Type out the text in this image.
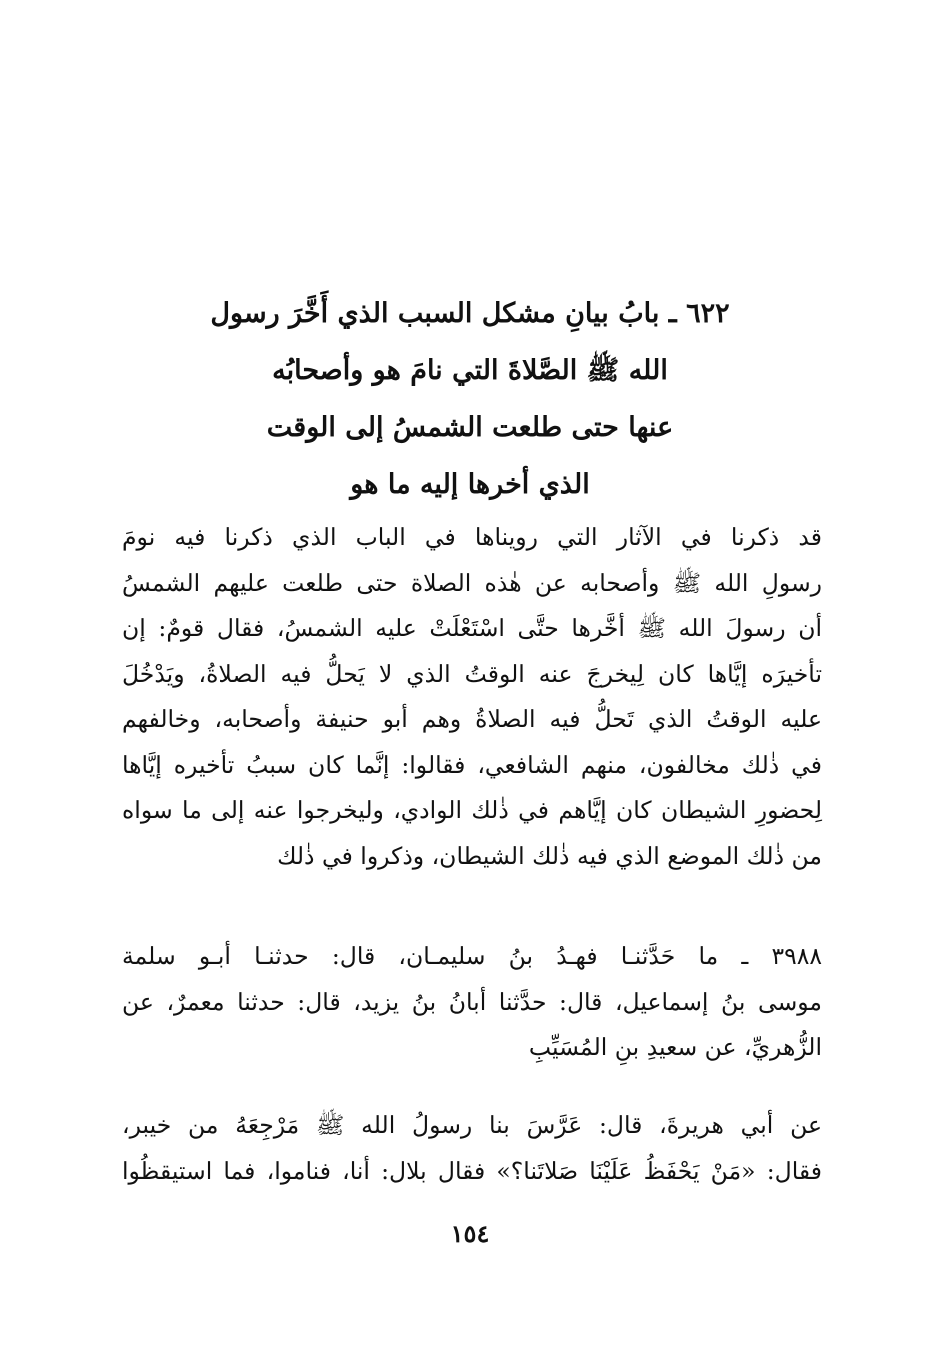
٦٢٢ ـ بابُ بيانِ مشكل السبب الذي أَخَّرَ رسول
الله ﷺ الصَّلاةَ التي نامَ هو وأصحابُه
عنها حتى طلعت الشمسُ إلى الوقت
الذي أخرها إليه ما هو
قد ذكرنا في الآثار التي رويناها في الباب الذي ذكرنا فيه نومَ
رسولِ الله ﷺ وأصحابه عن هٰذه الصلاة حتى طلعت عليهم الشمسُ
أن رسولَ الله ﷺ أخَّرها حتَّى اسْتَعْلَتْ عليه الشمسُ، فقال قومٌ: إن
تأخيرَه إيَّاها كان لِيخرجَ عنه الوقتُ الذي لا يَحلُّ فيه الصلاةُ، ويَدْخُلَ
عليه الوقتُ الذي تَحلُّ فيه الصلاةُ وهم أبو حنيفة وأصحابه، وخالفهم
في ذٰلك مخالفون، منهم الشافعي، فقالوا: إنَّما كان سببُ تأخيره إيَّاها
لِحضورِ الشيطان كان إيَّاهم في ذٰلك الوادي، وليخرجوا عنه إلى ما سواه
من ذٰلك الموضع الذي فيه ذٰلك الشيطان، وذكروا في ذٰلك
٣٩٨٨ ـ ما حَدَّثنـا فهـدُ بنُ سليمـان، قال: حدثنـا أبـو سلمة
موسى بنُ إسماعيل، قال: حدَّثنا أبانُ بنُ يزيد، قال: حدثنا معمرٌ، عن
الزُّهريِّ، عن سعيدِ بنِ المُسَيِّبِ
عن أبي هريرةَ، قال: عَرَّسَ بنا رسولُ الله ﷺ مَرْجِعَهُ من خيبر،
فقال: «مَنْ يَحْفَظُ عَلَيْنَا صَلاتَنا؟» فقال بلال: أنا، فناموا، فما استيقظُوا
١٥٤
